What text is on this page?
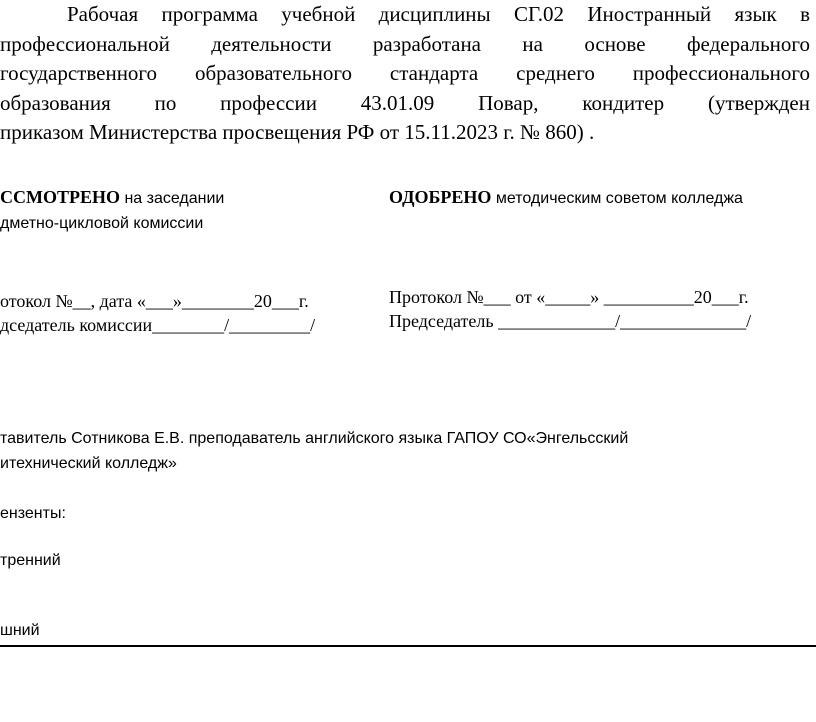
Рабочая программа учебной дисциплины СГ.02 Иностранный язык в
профессиональной деятельности разработана на основе федерального
государственного образовательного стандарта среднего профессионального
образования по профессии 43.01.09 Повар, кондитер (утвержден
приказом Министерства просвещения РФ от 15.11.2023 г. № 860) .
ССМОТРЕНО на заседании
дметно-цикловой комиссии
отокол №__, дата «___»________20___г.
дседатель комиссии________/_________/
ОДОБРЕНО методическим советом колледжа
Протокол №___ от «_____» __________20___г.
Председатель _____________/______________/
тавитель Сотникова Е.В. преподаватель английского языка ГАПОУ СО«Энгельсский
итехнический колледж»
ензенты:
тренний
шний
